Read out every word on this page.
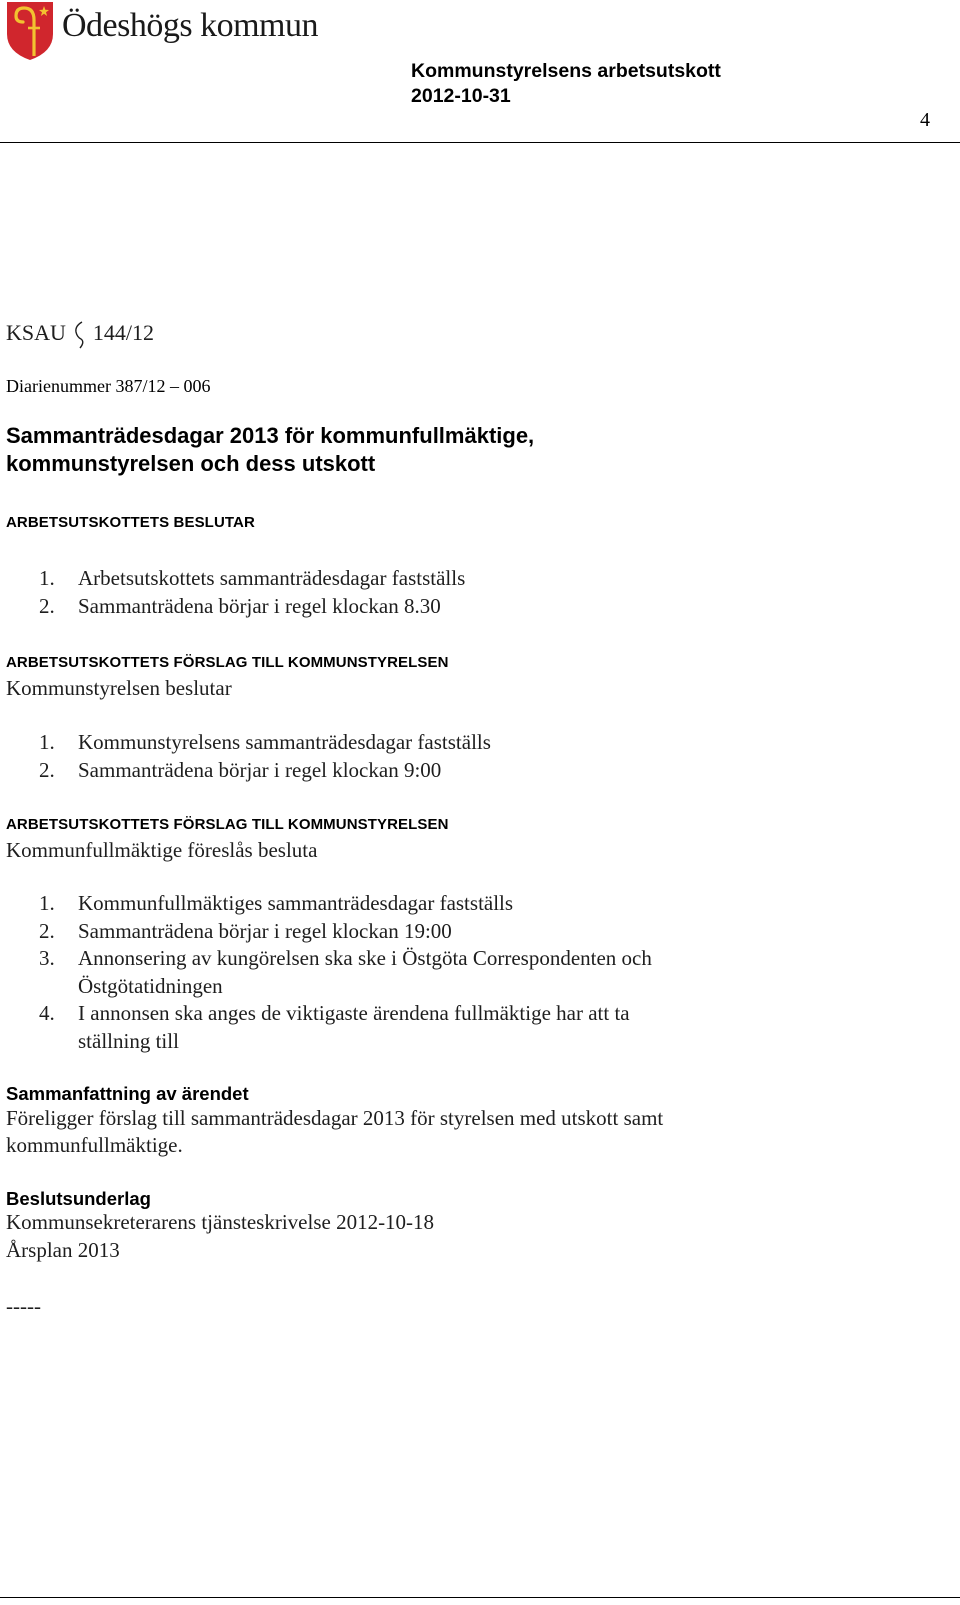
Ödeshögs kommun
Kommunstyrelsens arbetsutskott
2012-10-31
4
KSAU 144/12
Diarienummer 387/12 – 006
Sammanträdesdagar 2013 för kommunfullmäktige,
kommunstyrelsen och dess utskott
ARBETSUTSKOTTETS BESLUTAR
1. Arbetsutskottets sammanträdesdagar fastställs
2. Sammanträdena börjar i regel klockan 8.30
ARBETSUTSKOTTETS FÖRSLAG TILL KOMMUNSTYRELSEN
Kommunstyrelsen beslutar
1. Kommunstyrelsens sammanträdesdagar fastställs
2. Sammanträdena börjar i regel klockan 9:00
ARBETSUTSKOTTETS FÖRSLAG TILL KOMMUNSTYRELSEN
Kommunfullmäktige föreslås besluta
1. Kommunfullmäktiges sammanträdesdagar fastställs
2. Sammanträdena börjar i regel klockan 19:00
3. Annonsering av kungörelsen ska ske i Östgöta Correspondenten och
Östgötatidningen
4. I annonsen ska anges de viktigaste ärendena fullmäktige har att ta
ställning till
Sammanfattning av ärendet
Föreligger förslag till sammanträdesdagar 2013 för styrelsen med utskott samt
kommunfullmäktige.
Beslutsunderlag
Kommunsekreterarens tjänsteskrivelse 2012-10-18
Årsplan 2013
-----
